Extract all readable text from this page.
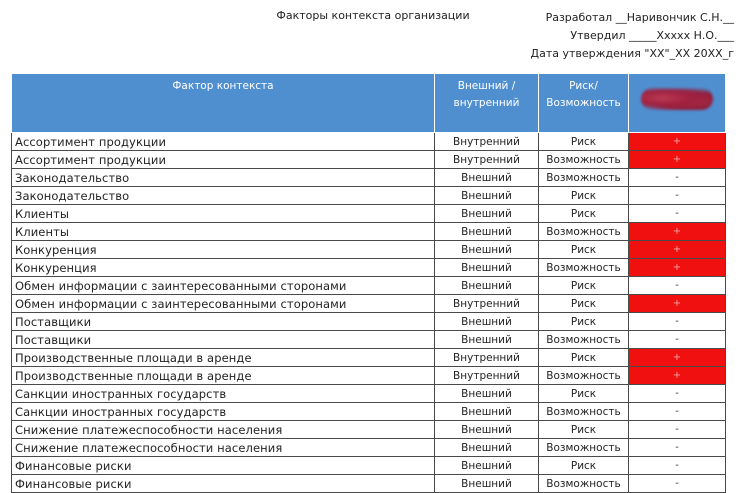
Факторы контекста организации	Разработал __Наривончик С.Н.__
Утвердил _____Ххххх Н.О.___
Дата утверждения "ХХ"_ХХ 20ХХ_г
Фактор контекста	Внешний / внутренний	Риск/ Возможность	

Ассортимент продукции	Внутренний	Риск	+
Ассортимент продукции	Внутренний	Возможность	+
Законодательство	Внешний	Возможность	-
Законодательство	Внешний	Риск	-
Клиенты	Внешний	Риск	-
Клиенты	Внешний	Возможность	+
Конкуренция	Внешний	Риск	+
Конкуренция	Внешний	Возможность	+
Обмен информации с заинтересованными сторонами	Внешний	Риск	-
Обмен информации с заинтересованными сторонами	Внутренний	Риск	+
Поставщики	Внешний	Риск	-
Поставщики	Внешний	Возможность	-
Производственные площади в аренде	Внутренний	Риск	+
Производственные площади в аренде	Внутренний	Возможность	+
Санкции иностранных государств	Внешний	Риск	-
Санкции иностранных государств	Внешний	Возможность	-
Снижение платежеспособности населения	Внешний	Риск	-
Снижение платежеспособности населения	Внешний	Возможность	-
Финансовые риски	Внешний	Риск	-
Финансовые риски	Внешний	Возможность	-
